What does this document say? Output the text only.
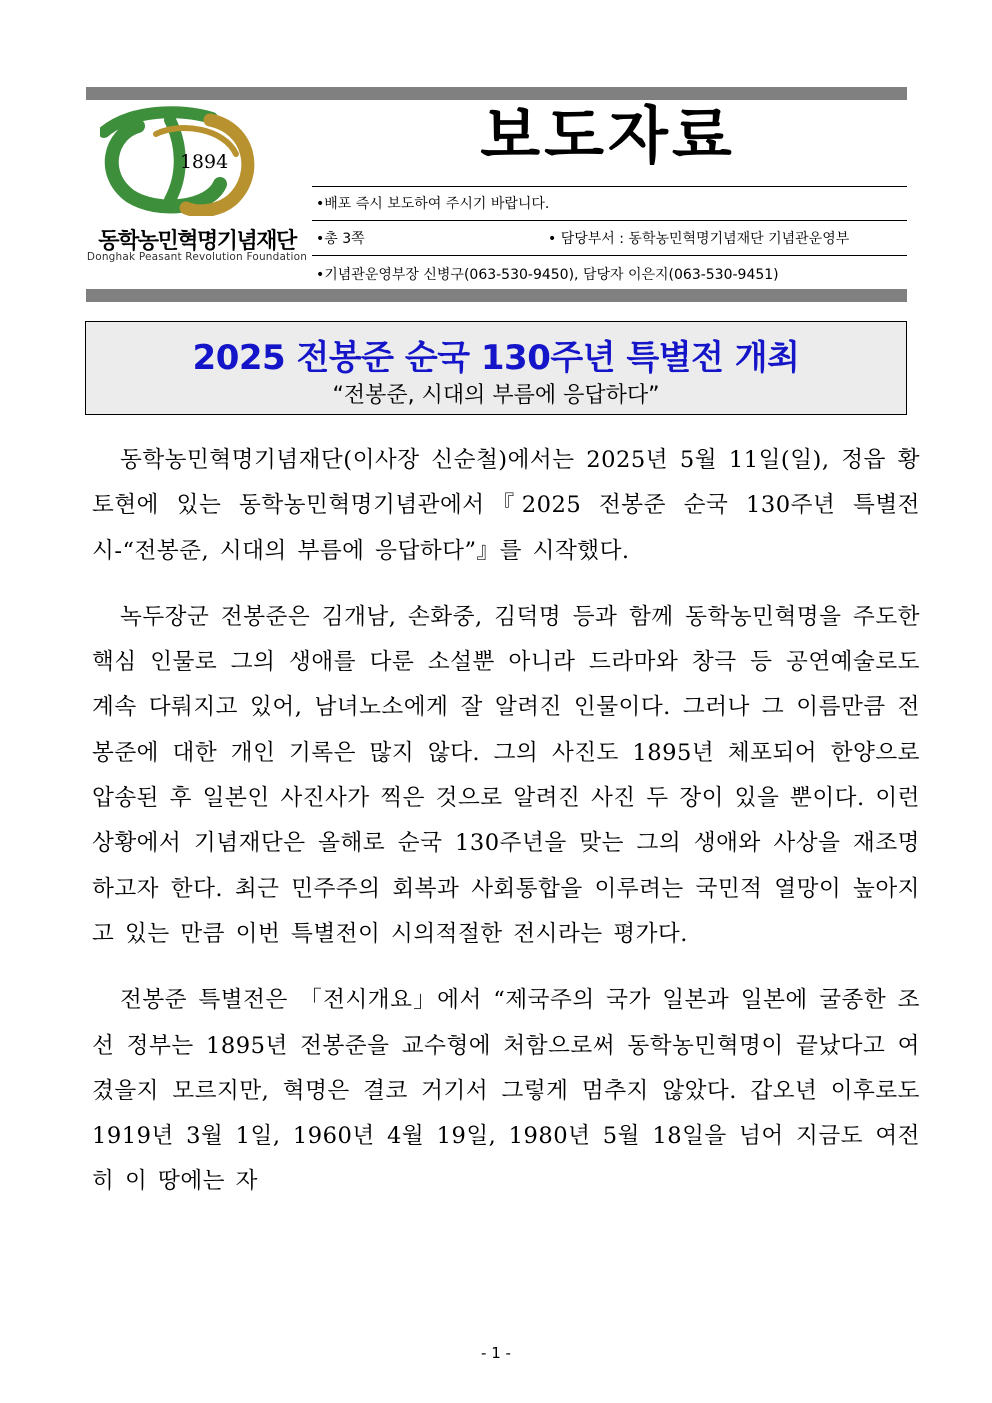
1894
동학농민혁명기념재단
Donghak Peasant Revolution Foundation
보도자료
•배포 즉시 보도하여 주시기 바랍니다.
•총 3쪽	• 담당부서 : 동학농민혁명기념재단 기념관운영부
•기념관운영부장 신병구(063-530-9450), 담당자 이은지(063-530-9451)
2025 전봉준 순국 130주년 특별전 개최
“전봉준, 시대의 부름에 응답하다”

동학농민혁명기념재단(이사장 신순철)에서는 2025년 5월 11일(일), 정읍 황토현에 있는 동학농민혁명기념관에서『2025 전봉준 순국 130주년 특별전시-“전봉준, 시대의 부름에 응답하다”』를 시작했다.

녹두장군 전봉준은 김개남, 손화중, 김덕명 등과 함께 동학농민혁명을 주도한 핵심 인물로 그의 생애를 다룬 소설뿐 아니라 드라마와 창극 등 공연예술로도 계속 다뤄지고 있어, 남녀노소에게 잘 알려진 인물이다. 그러나 그 이름만큼 전봉준에 대한 개인 기록은 많지 않다. 그의 사진도 1895년 체포되어 한양으로 압송된 후 일본인 사진사가 찍은 것으로 알려진 사진 두 장이 있을 뿐이다. 이런 상황에서 기념재단은 올해로 순국 130주년을 맞는 그의 생애와 사상을 재조명하고자 한다. 최근 민주주의 회복과 사회통합을 이루려는 국민적 열망이 높아지고 있는 만큼 이번 특별전이 시의적절한 전시라는 평가다.

전봉준 특별전은 「전시개요」에서 “제국주의 국가 일본과 일본에 굴종한 조선 정부는 1895년 전봉준을 교수형에 처함으로써 동학농민혁명이 끝났다고 여겼을지 모르지만, 혁명은 결코 거기서 그렇게 멈추지 않았다. 갑오년 이후로도 1919년 3월 1일, 1960년 4월 19일, 1980년 5월 18일을 넘어 지금도 여전히 이 땅에는 자

- 1 -
